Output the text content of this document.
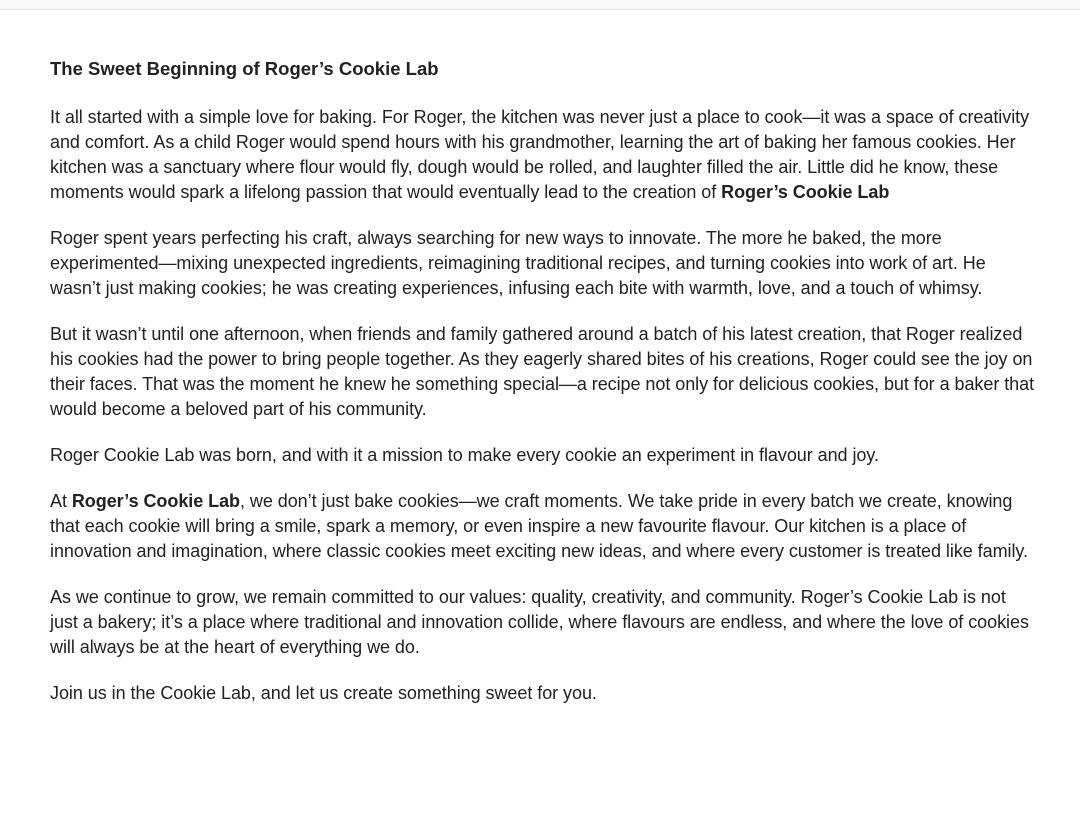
The Sweet Beginning of Roger’s Cookie Lab

It all started with a simple love for baking. For Roger, the kitchen was never just a place to cook—it was a space of creativity and comfort. As a child Roger would spend hours with his grandmother, learning the art of baking her famous cookies. Her kitchen was a sanctuary where flour would fly, dough would be rolled, and laughter filled the air. Little did he know, these moments would spark a lifelong passion that would eventually lead to the creation of Roger’s Cookie Lab

Roger spent years perfecting his craft, always searching for new ways to innovate. The more he baked, the more experimented—mixing unexpected ingredients, reimagining traditional recipes, and turning cookies into work of art. He wasn’t just making cookies; he was creating experiences, infusing each bite with warmth, love, and a touch of whimsy.

But it wasn’t until one afternoon, when friends and family gathered around a batch of his latest creation, that Roger realized his cookies had the power to bring people together. As they eagerly shared bites of his creations, Roger could see the joy on their faces. That was the moment he knew he something special—a recipe not only for delicious cookies, but for a baker that would become a beloved part of his community.

Roger Cookie Lab was born, and with it a mission to make every cookie an experiment in flavour and joy.

At Roger’s Cookie Lab, we don’t just bake cookies—we craft moments. We take pride in every batch we create, knowing that each cookie will bring a smile, spark a memory, or even inspire a new favourite flavour. Our kitchen is a place of innovation and imagination, where classic cookies meet exciting new ideas, and where every customer is treated like family.

As we continue to grow, we remain committed to our values: quality, creativity, and community. Roger’s Cookie Lab is not just a bakery; it’s a place where traditional and innovation collide, where flavours are endless, and where the love of cookies will always be at the heart of everything we do.

Join us in the Cookie Lab, and let us create something sweet for you.
